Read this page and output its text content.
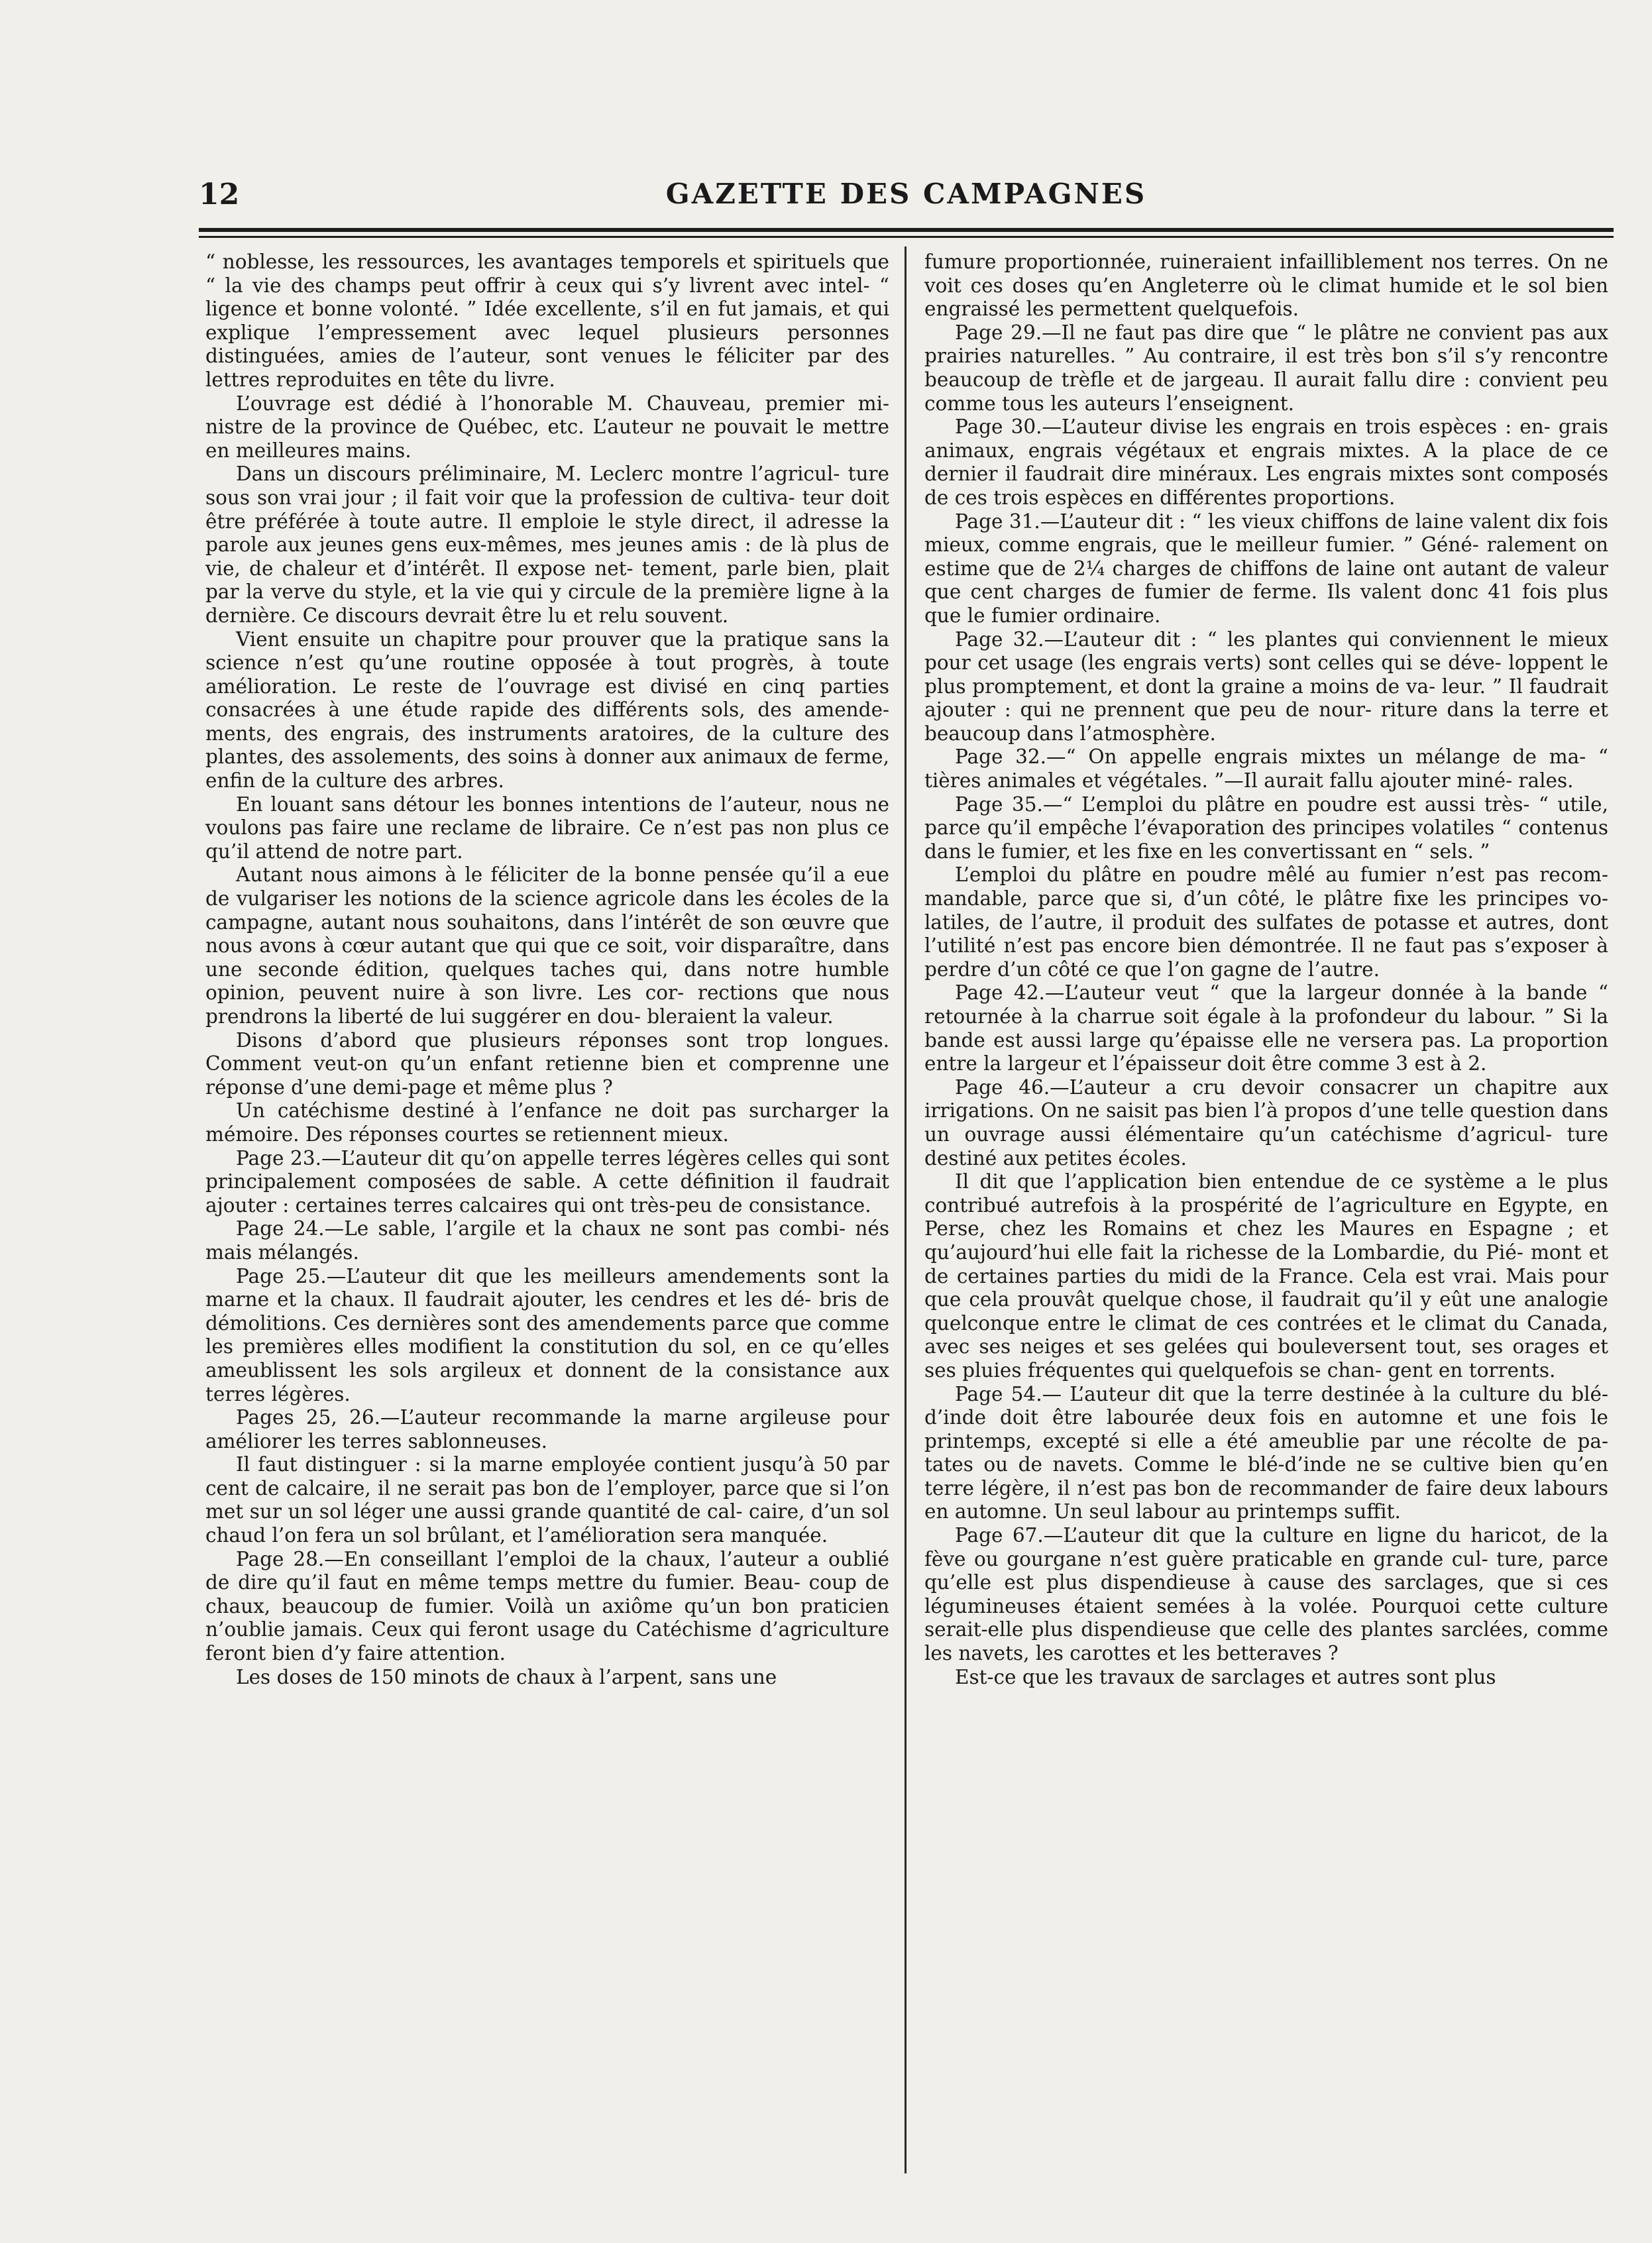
12	GAZETTE DES CAMPAGNES

“ noblesse, les ressources, les avantages temporels et spirituels que “ la vie des champs peut offrir à ceux qui s’y livrent avec intel- “ ligence et bonne volonté. ” Idée excellente, s’il en fut jamais, et qui explique l’empressement avec lequel plusieurs personnes distinguées, amies de l’auteur, sont venues le féliciter par des lettres reproduites en tête du livre.

L’ouvrage est dédié à l’honorable M. Chauveau, premier mi- nistre de la province de Québec, etc. L’auteur ne pouvait le mettre en meilleures mains.

Dans un discours préliminaire, M. Leclerc montre l’agricul- ture sous son vrai jour ; il fait voir que la profession de cultiva- teur doit être préférée à toute autre. Il emploie le style direct, il adresse la parole aux jeunes gens eux-mêmes, mes jeunes amis : de là plus de vie, de chaleur et d’intérêt. Il expose net- tement, parle bien, plait par la verve du style, et la vie qui y circule de la première ligne à la dernière. Ce discours devrait être lu et relu souvent.

Vient ensuite un chapitre pour prouver que la pratique sans la science n’est qu’une routine opposée à tout progrès, à toute amélioration. Le reste de l’ouvrage est divisé en cinq parties consacrées à une étude rapide des différents sols, des amende- ments, des engrais, des instruments aratoires, de la culture des plantes, des assolements, des soins à donner aux animaux de ferme, enfin de la culture des arbres.

En louant sans détour les bonnes intentions de l’auteur, nous ne voulons pas faire une reclame de libraire. Ce n’est pas non plus ce qu’il attend de notre part.

Autant nous aimons à le féliciter de la bonne pensée qu’il a eue de vulgariser les notions de la science agricole dans les écoles de la campagne, autant nous souhaitons, dans l’intérêt de son œuvre que nous avons à cœur autant que qui que ce soit, voir disparaître, dans une seconde édition, quelques taches qui, dans notre humble opinion, peuvent nuire à son livre. Les cor- rections que nous prendrons la liberté de lui suggérer en dou- bleraient la valeur.

Disons d’abord que plusieurs réponses sont trop longues. Comment veut-on qu’un enfant retienne bien et comprenne une réponse d’une demi-page et même plus ?

Un catéchisme destiné à l’enfance ne doit pas surcharger la mémoire. Des réponses courtes se retiennent mieux.

Page 23.—L’auteur dit qu’on appelle terres légères celles qui sont principalement composées de sable. A cette définition il faudrait ajouter : certaines terres calcaires qui ont très-peu de consistance.

Page 24.—Le sable, l’argile et la chaux ne sont pas combi- nés mais mélangés.

Page 25.—L’auteur dit que les meilleurs amendements sont la marne et la chaux. Il faudrait ajouter, les cendres et les dé- bris de démolitions. Ces dernières sont des amendements parce que comme les premières elles modifient la constitution du sol, en ce qu’elles ameublissent les sols argileux et donnent de la consistance aux terres légères.

Pages 25, 26.—L’auteur recommande la marne argileuse pour améliorer les terres sablonneuses.

Il faut distinguer : si la marne employée contient jusqu’à 50 par cent de calcaire, il ne serait pas bon de l’employer, parce que si l’on met sur un sol léger une aussi grande quantité de cal- caire, d’un sol chaud l’on fera un sol brûlant, et l’amélioration sera manquée.

Page 28.—En conseillant l’emploi de la chaux, l’auteur a oublié de dire qu’il faut en même temps mettre du fumier. Beau- coup de chaux, beaucoup de fumier. Voilà un axiôme qu’un bon praticien n’oublie jamais. Ceux qui feront usage du Catéchisme d’agriculture feront bien d’y faire attention.

Les doses de 150 minots de chaux à l’arpent, sans une

fumure proportionnée, ruineraient infailliblement nos terres. On ne voit ces doses qu’en Angleterre où le climat humide et le sol bien engraissé les permettent quelquefois.

Page 29.—Il ne faut pas dire que “ le plâtre ne convient pas aux prairies naturelles. ” Au contraire, il est très bon s’il s’y rencontre beaucoup de trèfle et de jargeau. Il aurait fallu dire : convient peu comme tous les auteurs l’enseignent.

Page 30.—L’auteur divise les engrais en trois espèces : en- grais animaux, engrais végétaux et engrais mixtes. A la place de ce dernier il faudrait dire minéraux. Les engrais mixtes sont composés de ces trois espèces en différentes proportions.

Page 31.—L’auteur dit : “ les vieux chiffons de laine valent dix fois mieux, comme engrais, que le meilleur fumier. ” Géné- ralement on estime que de 2¼ charges de chiffons de laine ont autant de valeur que cent charges de fumier de ferme. Ils valent donc 41 fois plus que le fumier ordinaire.

Page 32.—L’auteur dit : “ les plantes qui conviennent le mieux pour cet usage (les engrais verts) sont celles qui se déve- loppent le plus promptement, et dont la graine a moins de va- leur. ” Il faudrait ajouter : qui ne prennent que peu de nour- riture dans la terre et beaucoup dans l’atmosphère.

Page 32.—“ On appelle engrais mixtes un mélange de ma- “ tières animales et végétales. ”—Il aurait fallu ajouter miné- rales.

Page 35.—“ L’emploi du plâtre en poudre est aussi très- “ utile, parce qu’il empêche l’évaporation des principes volatiles “ contenus dans le fumier, et les fixe en les convertissant en “ sels. ”

L’emploi du plâtre en poudre mêlé au fumier n’est pas recom- mandable, parce que si, d’un côté, le plâtre fixe les principes vo- latiles, de l’autre, il produit des sulfates de potasse et autres, dont l’utilité n’est pas encore bien démontrée. Il ne faut pas s’exposer à perdre d’un côté ce que l’on gagne de l’autre.

Page 42.—L’auteur veut “ que la largeur donnée à la bande “ retournée à la charrue soit égale à la profondeur du labour. ” Si la bande est aussi large qu’épaisse elle ne versera pas. La proportion entre la largeur et l’épaisseur doit être comme 3 est à 2.

Page 46.—L’auteur a cru devoir consacrer un chapitre aux irrigations. On ne saisit pas bien l’à propos d’une telle question dans un ouvrage aussi élémentaire qu’un catéchisme d’agricul- ture destiné aux petites écoles.

Il dit que l’application bien entendue de ce système a le plus contribué autrefois à la prospérité de l’agriculture en Egypte, en Perse, chez les Romains et chez les Maures en Espagne ; et qu’aujourd’hui elle fait la richesse de la Lombardie, du Pié- mont et de certaines parties du midi de la France. Cela est vrai. Mais pour que cela prouvât quelque chose, il faudrait qu’il y eût une analogie quelconque entre le climat de ces contrées et le climat du Canada, avec ses neiges et ses gelées qui bouleversent tout, ses orages et ses pluies fréquentes qui quelquefois se chan- gent en torrents.

Page 54.— L’auteur dit que la terre destinée à la culture du blé-d’inde doit être labourée deux fois en automne et une fois le printemps, excepté si elle a été ameublie par une récolte de pa- tates ou de navets. Comme le blé-d’inde ne se cultive bien qu’en terre légère, il n’est pas bon de recommander de faire deux labours en automne. Un seul labour au printemps suffit.

Page 67.—L’auteur dit que la culture en ligne du haricot, de la fève ou gourgane n’est guère praticable en grande cul- ture, parce qu’elle est plus dispendieuse à cause des sarclages, que si ces légumineuses étaient semées à la volée. Pourquoi cette culture serait-elle plus dispendieuse que celle des plantes sarclées, comme les navets, les carottes et les betteraves ?

Est-ce que les travaux de sarclages et autres sont plus
